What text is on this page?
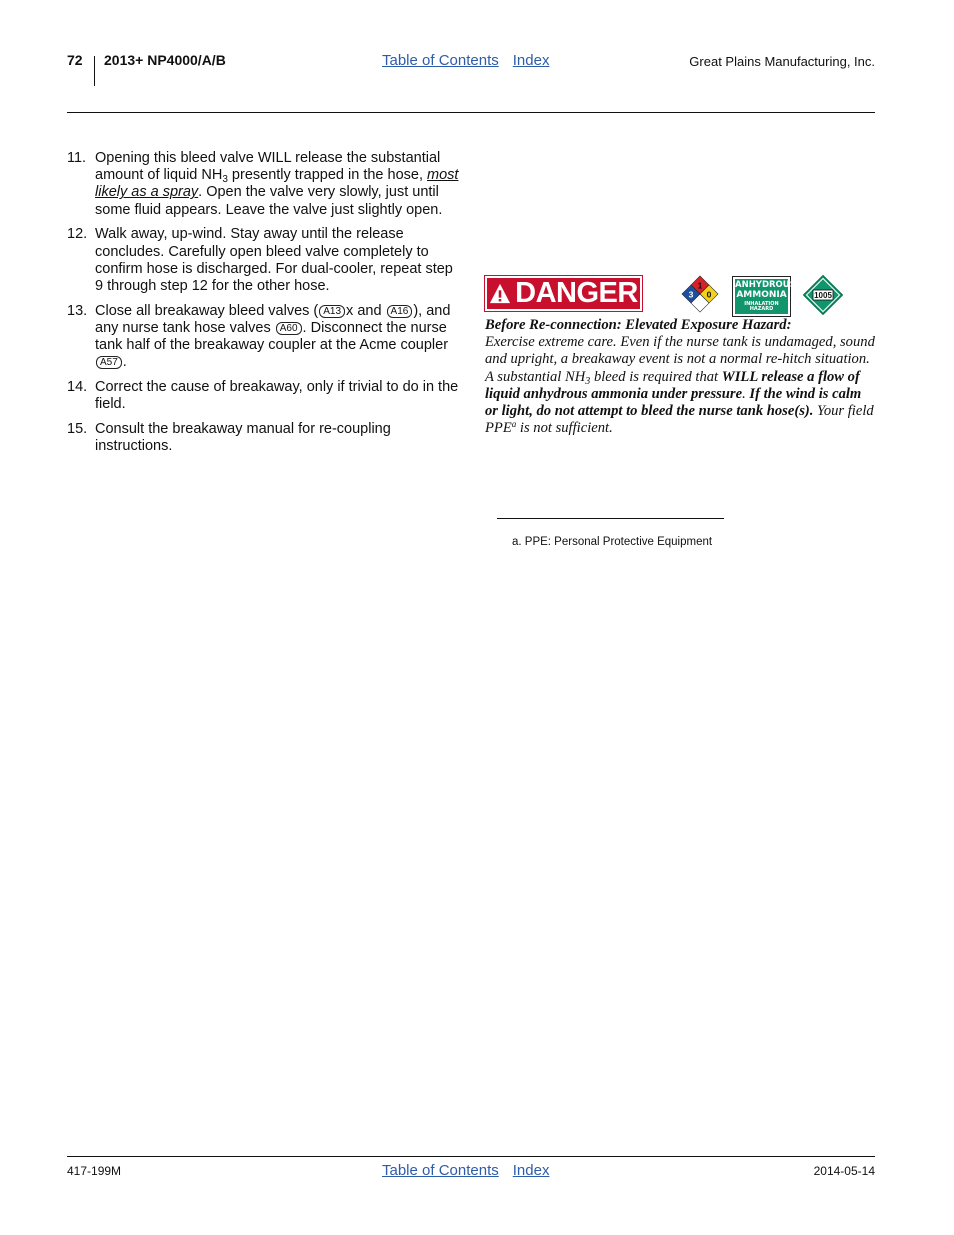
72 2013+ NP4000/A/B	Table of Contents Index	Great Plains Manufacturing, Inc.
11. Opening this bleed valve WILL release the substantial amount of liquid $NH_3$ presently trapped in the hose, most likely as a spray. Open the valve very slowly, just until some fluid appears. Leave the valve just slightly open.
12. Walk away, up-wind. Stay away until the release concludes. Carefully open bleed valve completely to confirm hose is discharged. For dual-cooler, repeat step 9 through step 12 for the other hose.
13. Close all breakaway bleed valves ( A13 x and A16 ), and any nurse tank hose valves A60 . Disconnect the nurse tank half of the breakaway coupler at the Acme coupler A57 .
14. Correct the cause of breakaway, only if trivial to do in the field.
15. Consult the breakaway manual for re-coupling instructions.
DANGER	1
3 0
ANHYDROUS
AMMONIA
INHALATION HAZARD
1005
Before Re-connection: Elevated Exposure Hazard:
Exercise extreme care. Even if the nurse tank is undamaged, sound and upright, a breakaway event is not a normal re-hitch situation. A substantial $NH_3$ bleed is required that WILL release a flow of liquid anhydrous ammonia under pressure. If the wind is calm or light, do not attempt to bleed the nurse tank hose(s). Your field PPE$^a$ is not sufficient.
a. PPE: Personal Protective Equipment
417-199M	Table of Contents Index	2014-05-14
